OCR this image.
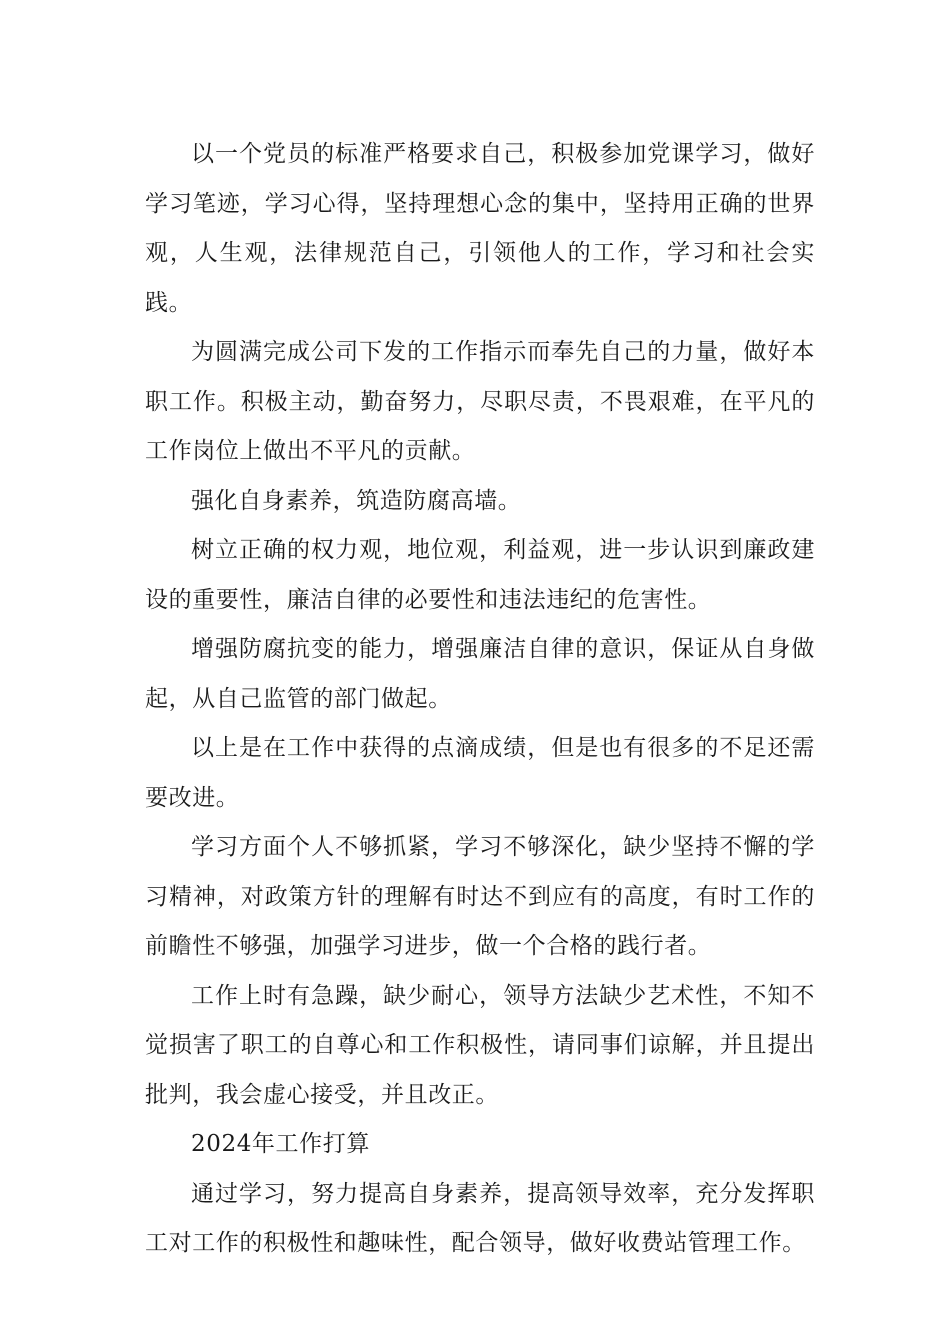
以一个党员的标准严格要求自己，积极参加党课学习，做好学习笔迹，学习心得，坚持理想心念的集中，坚持用正确的世界观，人生观，法律规范自己，引领他人的工作，学习和社会实践。

为圆满完成公司下发的工作指示而奉先自己的力量，做好本职工作。积极主动，勤奋努力，尽职尽责，不畏艰难，在平凡的工作岗位上做出不平凡的贡献。

强化自身素养，筑造防腐高墙。

树立正确的权力观，地位观，利益观，进一步认识到廉政建设的重要性，廉洁自律的必要性和违法违纪的危害性。

增强防腐抗变的能力，增强廉洁自律的意识，保证从自身做起，从自己监管的部门做起。

以上是在工作中获得的点滴成绩，但是也有很多的不足还需要改进。

学习方面个人不够抓紧，学习不够深化，缺少坚持不懈的学习精神，对政策方针的理解有时达不到应有的高度，有时工作的前瞻性不够强，加强学习进步，做一个合格的践行者。

工作上时有急躁，缺少耐心，领导方法缺少艺术性，不知不觉损害了职工的自尊心和工作积极性，请同事们谅解，并且提出批判，我会虚心接受，并且改正。

2024年工作打算

通过学习，努力提高自身素养，提高领导效率，充分发挥职工对工作的积极性和趣味性，配合领导，做好收费站管理工作。
